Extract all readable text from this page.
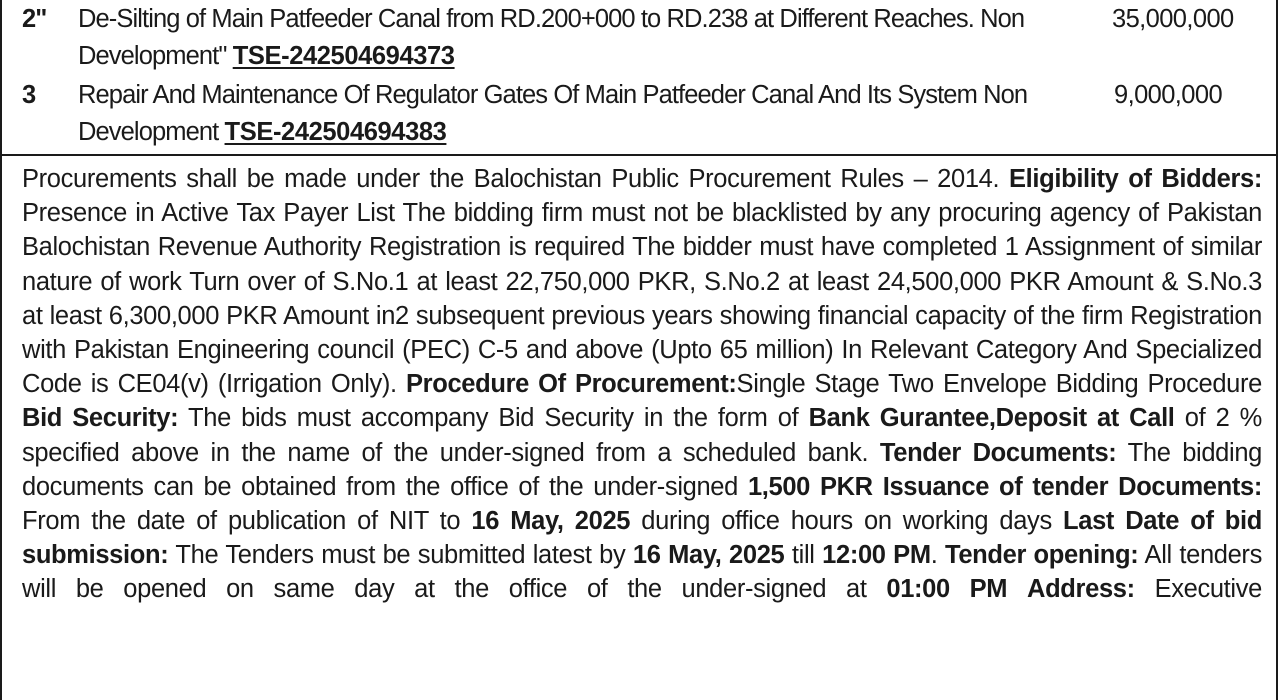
2" De-Silting of Main Patfeeder Canal from RD.200+000 to RD.238 at Different Reaches. Non Development" TSE-242504694373
35,000,000
3 Repair And Maintenance Of Regulator Gates Of Main Patfeeder Canal And Its System Non Development TSE-242504694383
9,000,000

Procurements shall be made under the Balochistan Public Procurement Rules – 2014. Eligibility of Bidders: Presence in Active Tax Payer List The bidding firm must not be blacklisted by any procuring agency of Pakistan Balochistan Revenue Authority Registration is required The bidder must have completed 1 Assignment of similar nature of work Turn over of S.No.1 at least 22,750,000 PKR, S.No.2 at least 24,500,000 PKR Amount & S.No.3 at least 6,300,000 PKR Amount in2 subsequent previous years showing financial capacity of the firm Registration with Pakistan Engineering council (PEC) C-5 and above (Upto 65 million) In Relevant Category And Specialized Code is CE04(v) (Irrigation Only). Procedure Of Procurement:Single Stage Two Envelope Bidding Procedure Bid Security: The bids must accompany Bid Security in the form of Bank Gurantee,Deposit at Call of 2 % specified above in the name of the under-signed from a scheduled bank. Tender Documents: The bidding documents can be obtained from the office of the under-signed 1,500 PKR Issuance of tender Documents: From the date of publication of NIT to 16 May, 2025 during office hours on working days Last Date of bid submission: The Tenders must be submitted latest by 16 May, 2025 till 12:00 PM. Tender opening: All tenders will be opened on same day at the office of the under-signed at 01:00 PM Address: Executive
